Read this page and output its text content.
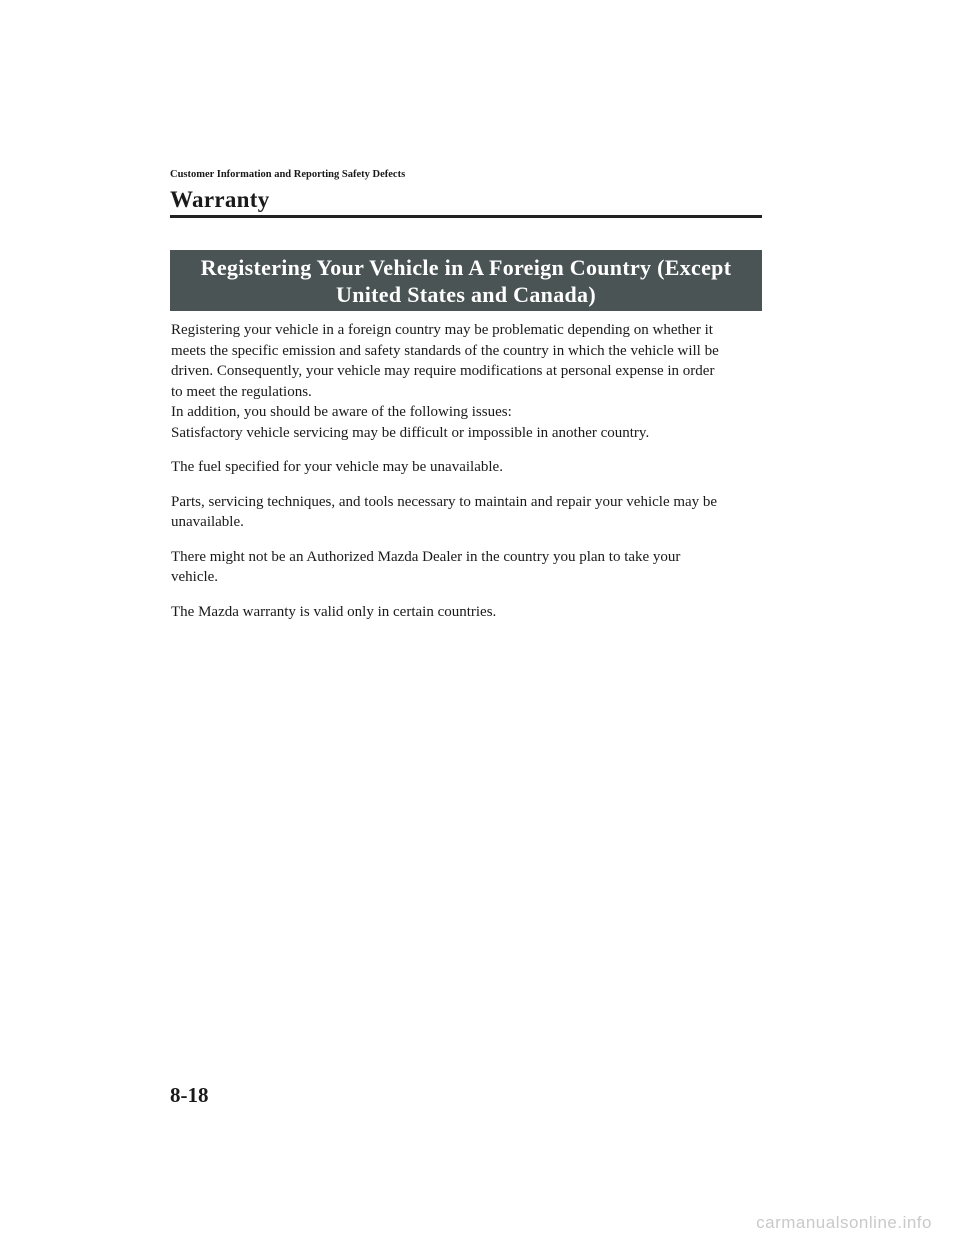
Customer Information and Reporting Safety Defects

Warranty

Registering Your Vehicle in A Foreign Country (Except
United States and Canada)

Registering your vehicle in a foreign country may be problematic depending on whether it
meets the specific emission and safety standards of the country in which the vehicle will be
driven. Consequently, your vehicle may require modifications at personal expense in order
to meet the regulations.

In addition, you should be aware of the following issues:

Satisfactory vehicle servicing may be difficult or impossible in another country.

The fuel specified for your vehicle may be unavailable.

Parts, servicing techniques, and tools necessary to maintain and repair your vehicle may be
unavailable.

There might not be an Authorized Mazda Dealer in the country you plan to take your
vehicle.

The Mazda warranty is valid only in certain countries.

8-18
carmanualsonline.info
